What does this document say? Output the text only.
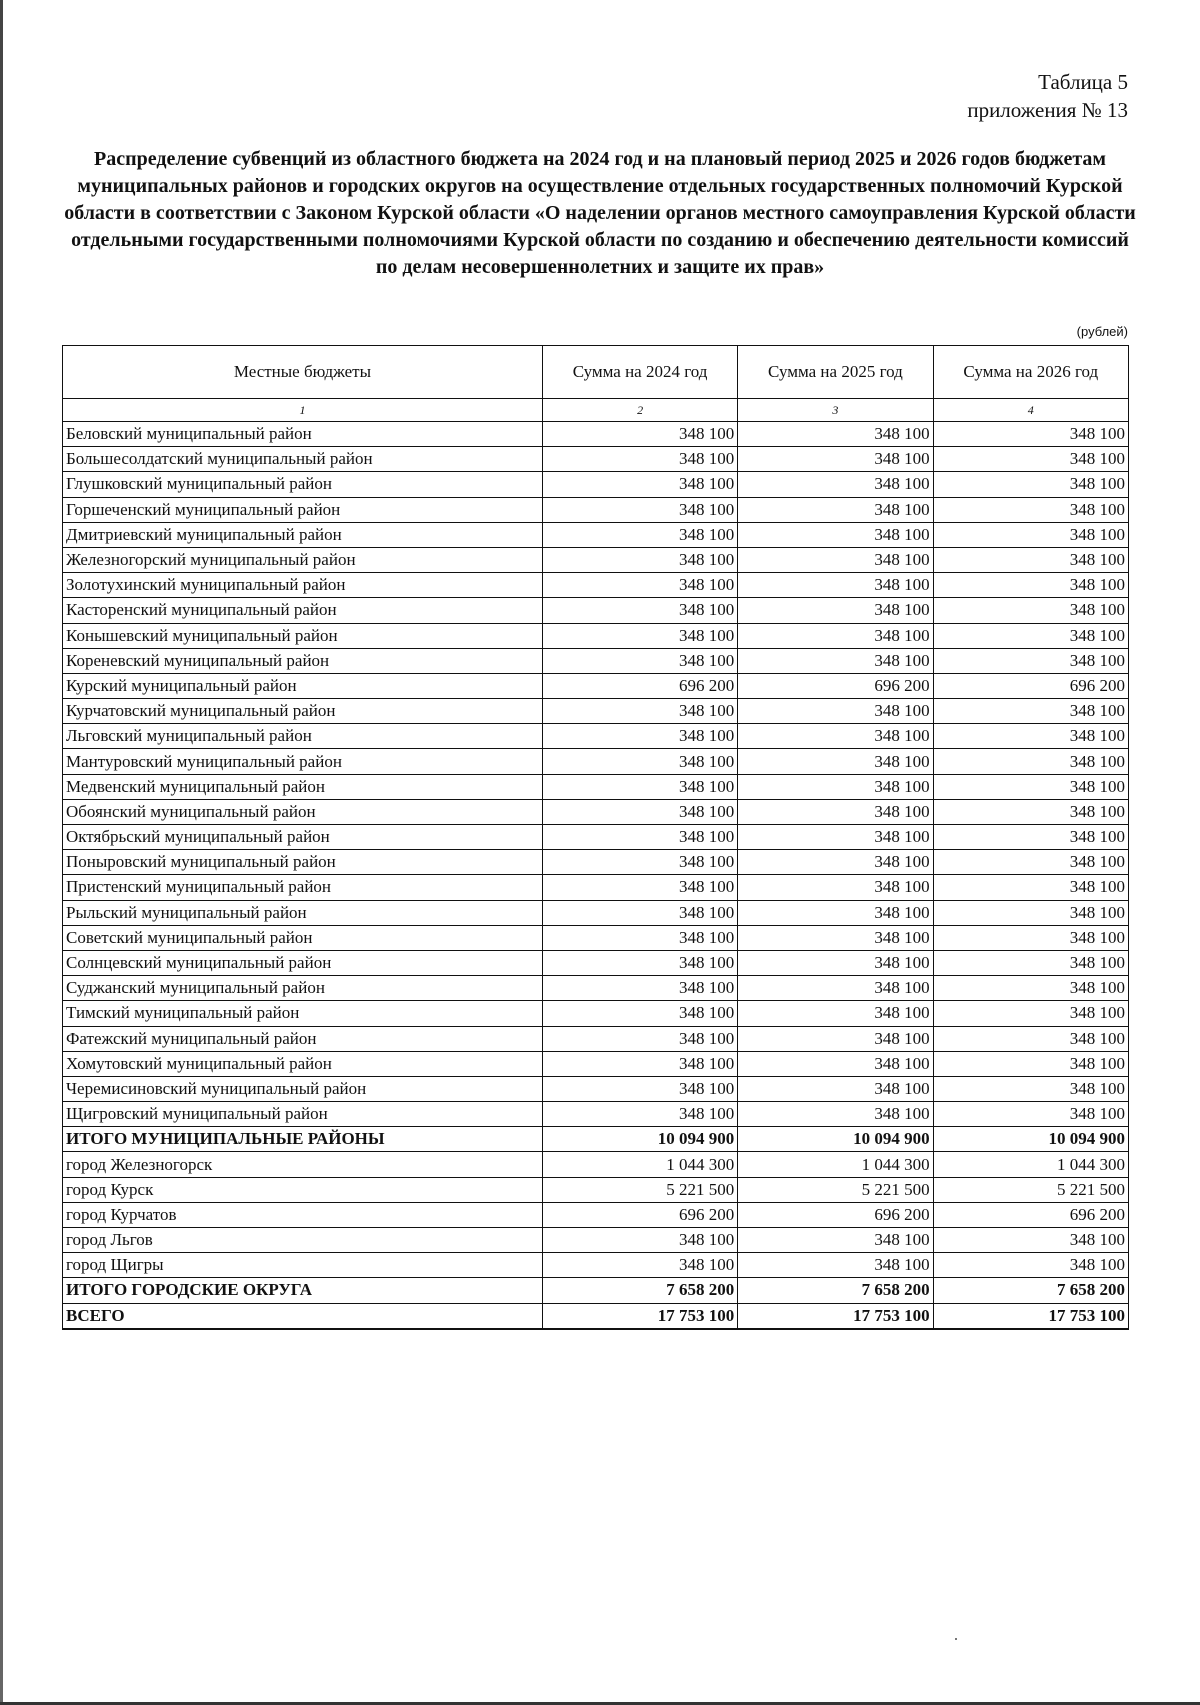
Таблица 5
приложения № 13
Распределение субвенций из областного бюджета на 2024 год и на плановый период 2025 и 2026 годов бюджетам муниципальных районов и городских округов на осуществление отдельных государственных полномочий Курской области в соответствии с Законом Курской области «О наделении органов местного самоуправления Курской области отдельными государственными полномочиями Курской области по созданию и обеспечению деятельности комиссий по делам несовершеннолетних и защите их прав»
(рублей)
Местные бюджеты	Сумма на 2024 год	Сумма на 2025 год	Сумма на 2026 год
1	2	3	4
Беловский муниципальный район	348 100	348 100	348 100
Большесолдатский муниципальный район	348 100	348 100	348 100
Глушковский муниципальный район	348 100	348 100	348 100
Горшеченский муниципальный район	348 100	348 100	348 100
Дмитриевский муниципальный район	348 100	348 100	348 100
Железногорский муниципальный район	348 100	348 100	348 100
Золотухинский муниципальный район	348 100	348 100	348 100
Касторенский муниципальный район	348 100	348 100	348 100
Конышевский муниципальный район	348 100	348 100	348 100
Кореневский муниципальный район	348 100	348 100	348 100
Курский муниципальный район	696 200	696 200	696 200
Курчатовский муниципальный район	348 100	348 100	348 100
Льговский муниципальный район	348 100	348 100	348 100
Мантуровский муниципальный район	348 100	348 100	348 100
Медвенский муниципальный район	348 100	348 100	348 100
Обоянский муниципальный район	348 100	348 100	348 100
Октябрьский муниципальный район	348 100	348 100	348 100
Поныровский муниципальный район	348 100	348 100	348 100
Пристенский муниципальный район	348 100	348 100	348 100
Рыльский муниципальный район	348 100	348 100	348 100
Советский муниципальный район	348 100	348 100	348 100
Солнцевский муниципальный район	348 100	348 100	348 100
Суджанский муниципальный район	348 100	348 100	348 100
Тимский муниципальный район	348 100	348 100	348 100
Фатежский муниципальный район	348 100	348 100	348 100
Хомутовский муниципальный район	348 100	348 100	348 100
Черемисиновский муниципальный район	348 100	348 100	348 100
Щигровский муниципальный район	348 100	348 100	348 100
ИТОГО МУНИЦИПАЛЬНЫЕ РАЙОНЫ	10 094 900	10 094 900	10 094 900
город Железногорск	1 044 300	1 044 300	1 044 300
город Курск	5 221 500	5 221 500	5 221 500
город Курчатов	696 200	696 200	696 200
город Льгов	348 100	348 100	348 100
город Щигры	348 100	348 100	348 100
ИТОГО ГОРОДСКИЕ ОКРУГА	7 658 200	7 658 200	7 658 200
ВСЕГО	17 753 100	17 753 100	17 753 100
